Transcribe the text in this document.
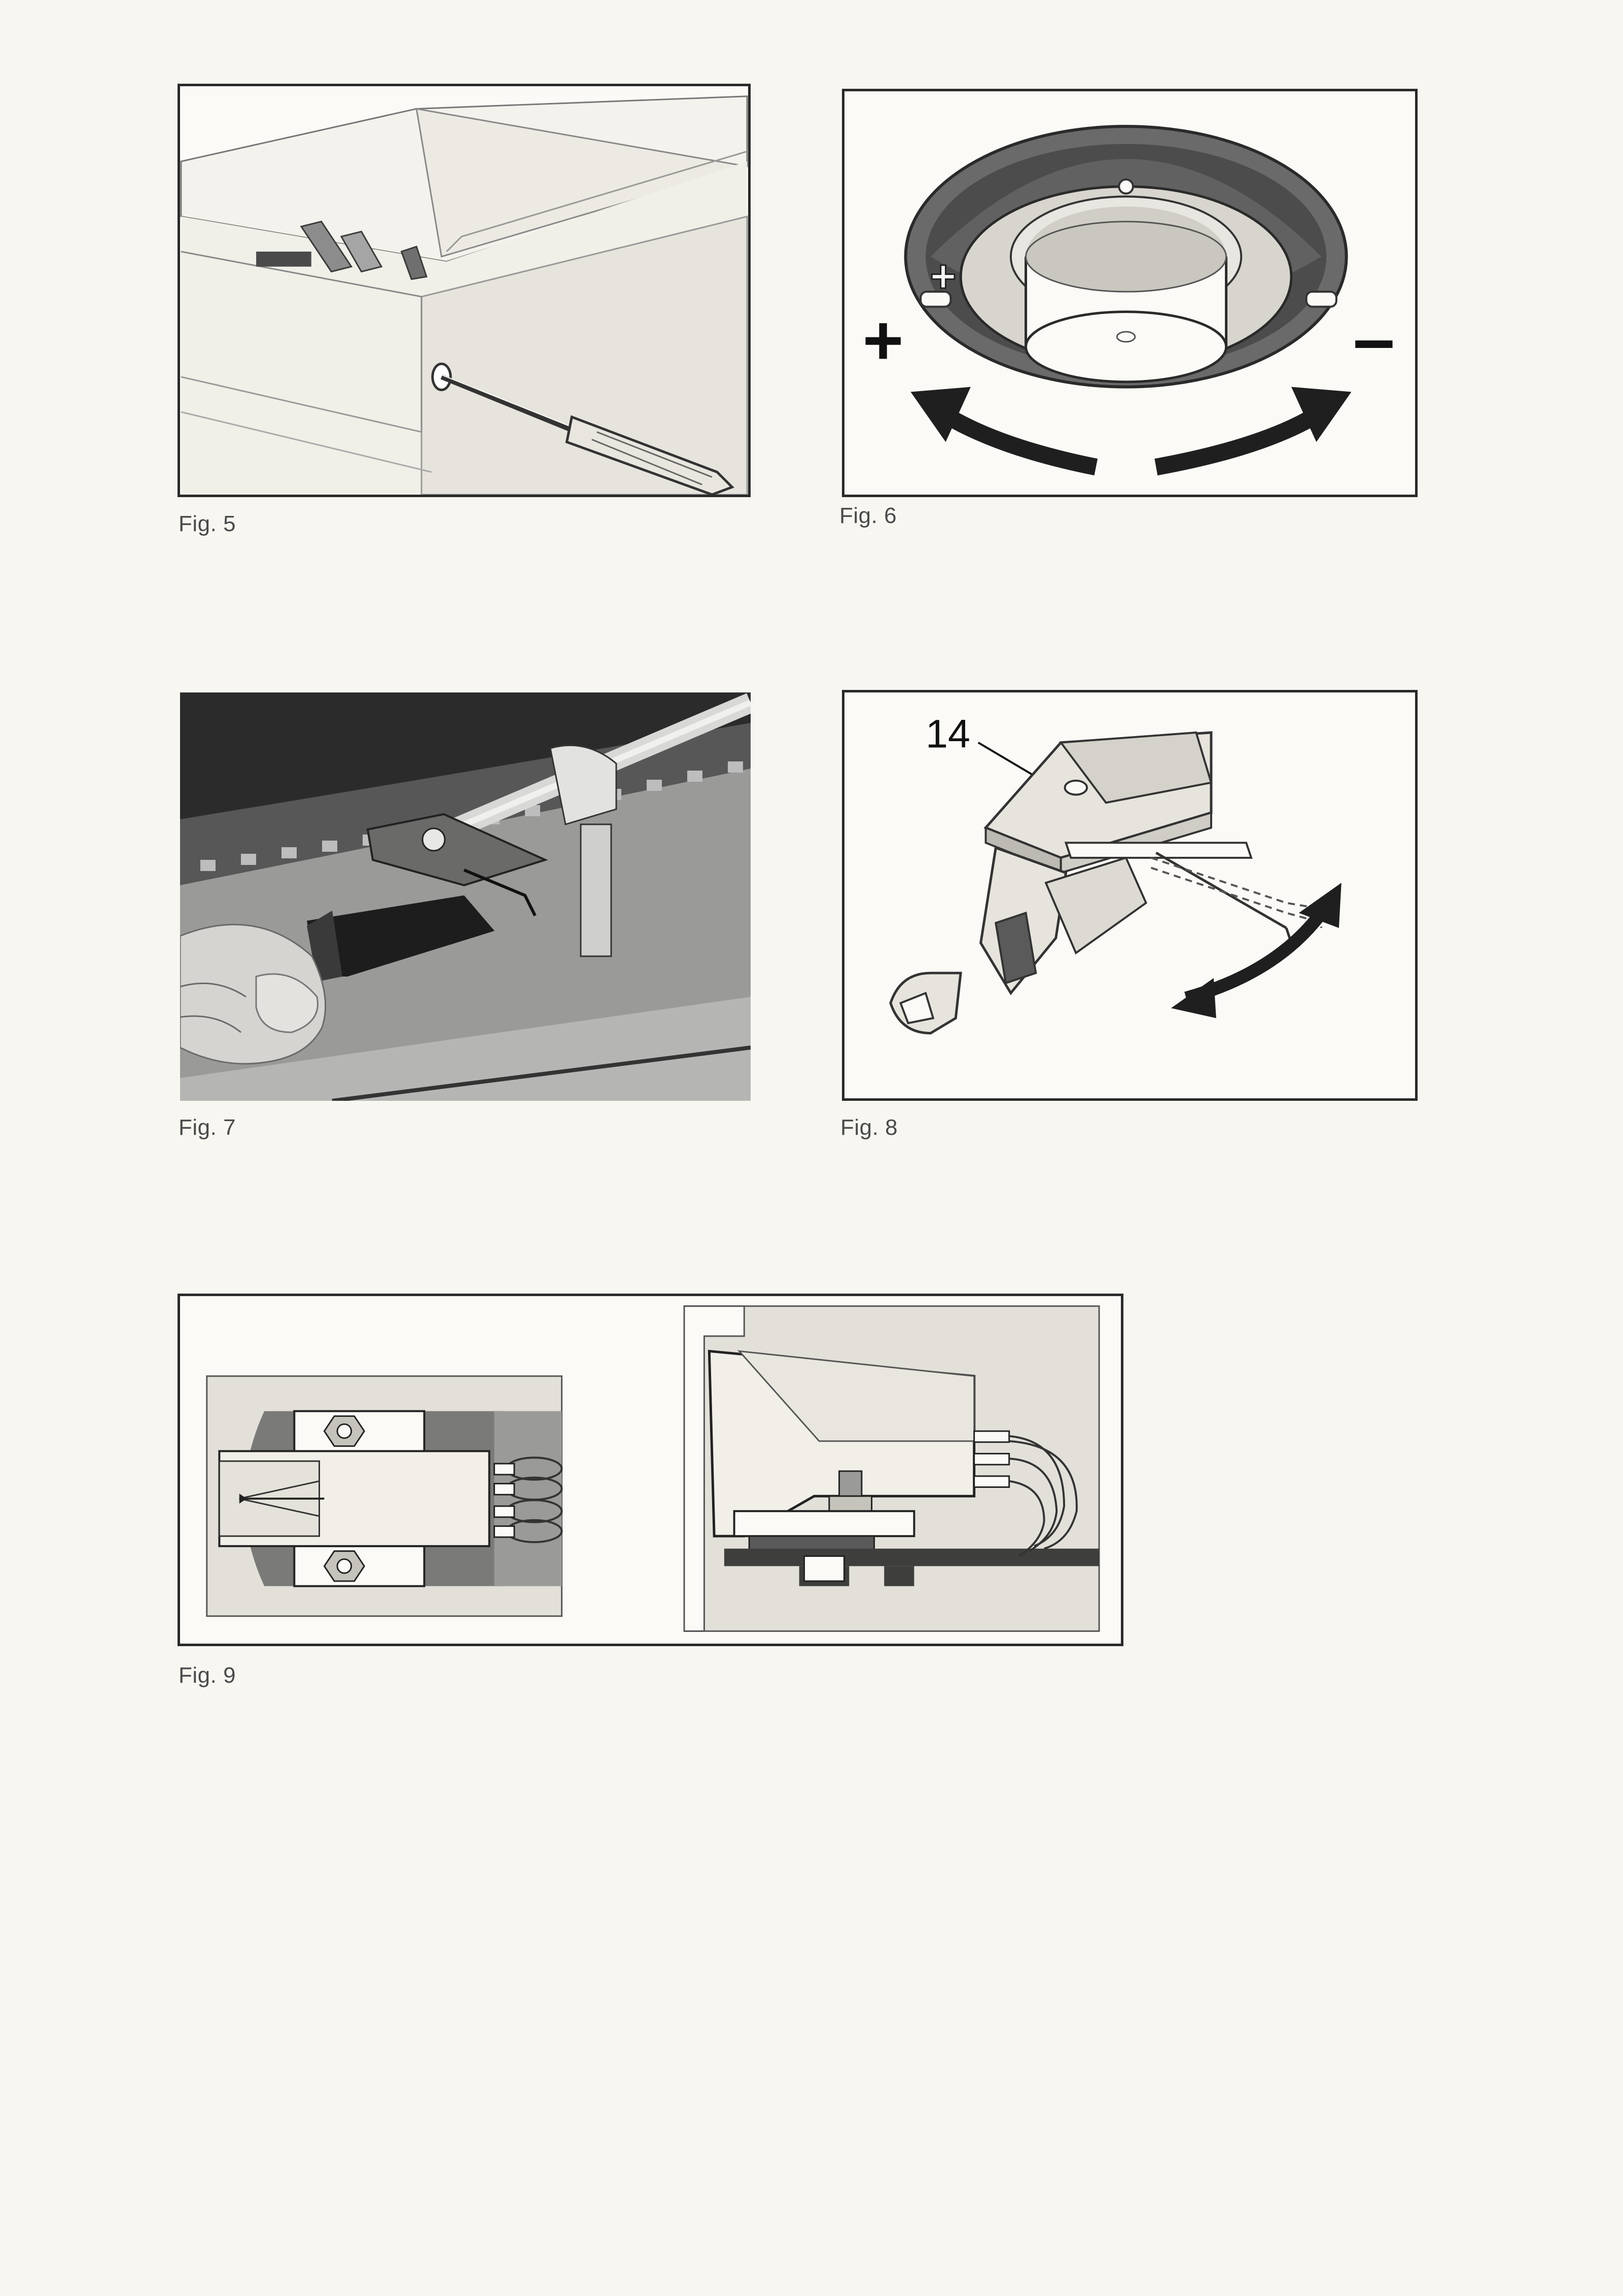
Fig. 5
+
+	–
Fig. 6
Fig. 7
14
Fig. 8
Fig. 9
